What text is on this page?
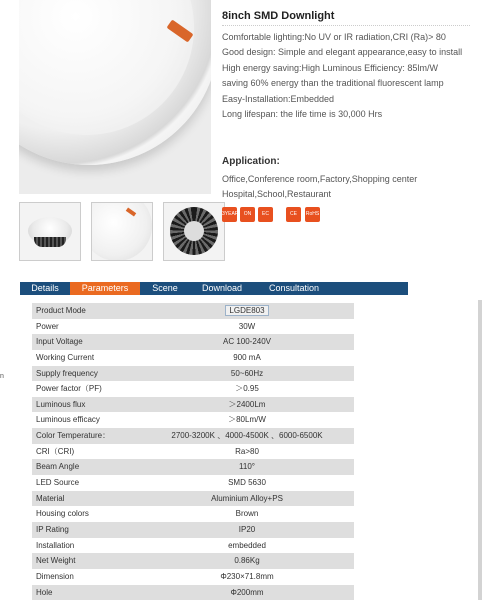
8inch SMD Downlight
Comfortable lighting:No UV or IR radiation,CRI (Ra)> 80
Good design: Simple and elegant appearance,easy to install
High energy saving:High Luminous Efficiency: 85lm/W
saving 60% energy than the traditional fluorescent lamp
Easy-Installation:Embedded
Long lifespan: the life time is 30,000 Hrs
Application:
Office,Conference room,Factory,Shopping center
Hospital,School,Restaurant
3YEAR	ON	EC	CE	RoHS
Details	Parameters	Scene	Download	Consultation
n
Product Mode	LGDE803
Power	30W
Input Voltage	AC 100-240V
Working Current	900 mA
Supply frequency	50~60Hz
Power factor（PF)	＞0.95
Luminous flux	＞2400Lm
Luminous efficacy	＞80Lm/W
Color Temperature：	2700-3200K 、4000-4500K 、6000-6500K
CRI（CRI)	Ra>80
Beam Angle	110°
LED Source	SMD 5630
Material	Aluminium Alloy+PS
Housing colors	Brown
IP Rating	IP20
Installation	embedded
Net Weight	0.86Kg
Dimension	Φ230×71.8mm
Hole	Φ200mm
